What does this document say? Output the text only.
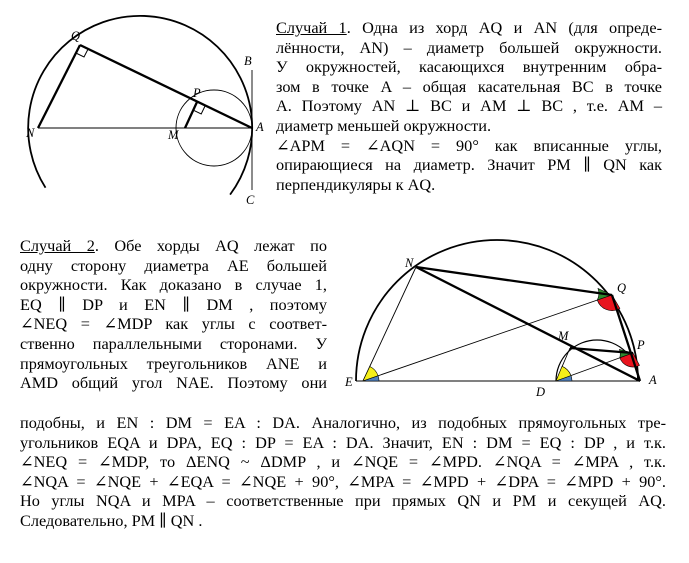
Q
B
N	M
P
A
C
N
Q
M
P
E
D
A
Случай 1. Одна из хорд AQ и AN (для опреде-
лённости, AN) – диаметр большей окружности.
У окружностей, касающихся внутренним обра-
зом в точке A – общая касательная BC в точке
A. Поэтому AN ⊥ BC и AM ⊥ BC , т.е. AM –
диаметр меньшей окружности.
∠APM = ∠AQN = 90° как вписанные углы,
опирающиеся на диаметр. Значит PM ∥ QN как
перпендикуляры к AQ.
Случай 2. Обе хорды AQ лежат по
одну сторону диаметра AE большей
окружности. Как доказано в случае 1,
EQ ∥ DP и EN ∥ DM , поэтому
∠NEQ = ∠MDP как углы с соответ-
ственно параллельными сторонами. У
прямоугольных треугольников ANE и
AMD общий угол NAE. Поэтому они
подобны, и EN : DM = EA : DA. Аналогично, из подобных прямоугольных тре-
угольников EQA и DPA, EQ : DP = EA : DA. Значит, EN : DM = EQ : DP , и т.к.
∠NEQ = ∠MDP, то ΔENQ ~ ΔDMP , и ∠NQE = ∠MPD. ∠NQA = ∠MPA , т.к.
∠NQA = ∠NQE + ∠EQA = ∠NQE + 90°, ∠MPA = ∠MPD + ∠DPA = ∠MPD + 90°.
Но углы NQA и MPA – соответственные при прямых QN и PM и секущей AQ.
Следовательно, PM ∥ QN .
